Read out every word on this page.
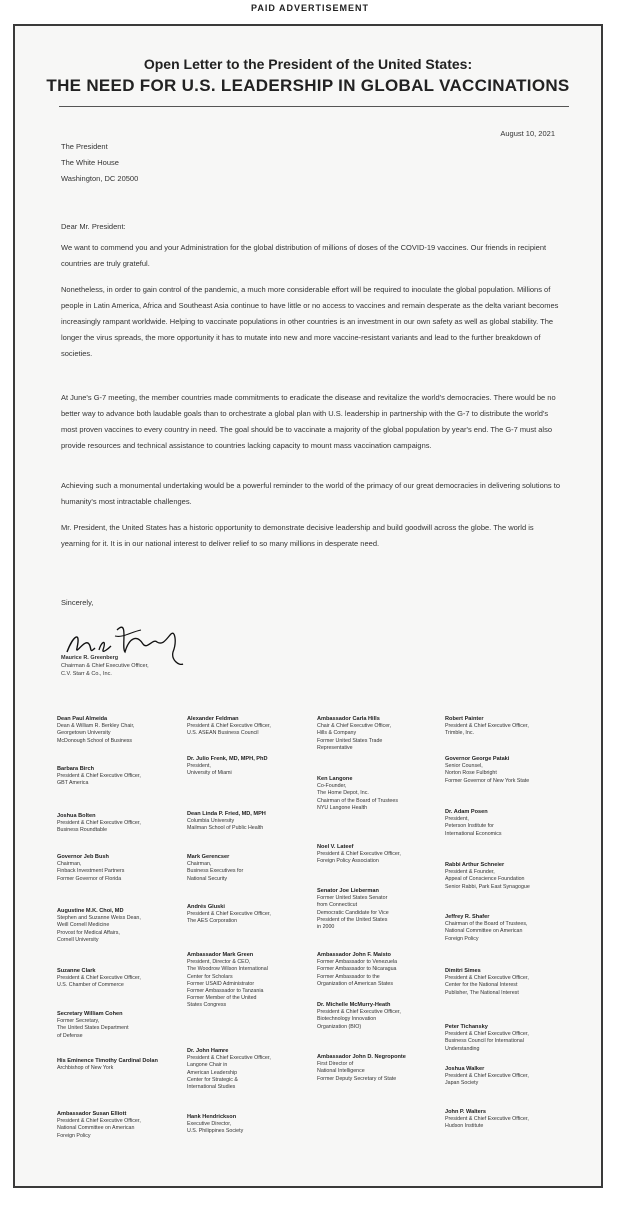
PAID ADVERTISEMENT
Open Letter to the President of the United States:
THE NEED FOR U.S. LEADERSHIP IN GLOBAL VACCINATIONS
August 10, 2021
The President
The White House
Washington, DC 20500
Dear Mr. President:

We want to commend you and your Administration for the global distribution of millions of doses of the COVID-19 vaccines. Our friends in recipient countries are truly grateful.

Nonetheless, in order to gain control of the pandemic, a much more considerable effort will be required to inoculate the global population. Millions of people in Latin America, Africa and Southeast Asia continue to have little or no access to vaccines and remain desperate as the delta variant becomes increasingly rampant worldwide. Helping to vaccinate populations in other countries is an investment in our own safety as well as global stability. The longer the virus spreads, the more opportunity it has to mutate into new and more vaccine-resistant variants and lead to the further breakdown of societies.

At June's G-7 meeting, the member countries made commitments to eradicate the disease and revitalize the world's democracies. There would be no better way to advance both laudable goals than to orchestrate a global plan with U.S. leadership in partnership with the G-7 to distribute the world's most proven vaccines to every country in need. The goal should be to vaccinate a majority of the global population by year's end. The G-7 must also provide resources and technical assistance to countries lacking capacity to mount mass vaccination campaigns.

Achieving such a monumental undertaking would be a powerful reminder to the world of the primacy of our great democracies in delivering solutions to humanity's most intractable challenges.

Mr. President, the United States has a historic opportunity to demonstrate decisive leadership and build goodwill across the globe. The world is yearning for it. It is in our national interest to deliver relief to so many millions in desperate need.

Sincerely,
Maurice R. Greenberg
Chairman & Chief Executive Officer,
C.V. Starr & Co., Inc.
Dean Paul Almeida
Dean & William R. Berkley Chair,
Georgetown University
McDonough School of Business
Barbara Birch
President & Chief Executive Officer,
GBT America
Joshua Bolten
President & Chief Executive Officer,
Business Roundtable
Governor Jeb Bush
Chairman,
Finback Investment Partners
Former Governor of Florida
Augustine M.K. Choi, MD
Stephen and Suzanne Weiss Dean,
Weill Cornell Medicine
Provost for Medical Affairs,
Cornell University
Suzanne Clark
President & Chief Executive Officer,
U.S. Chamber of Commerce
Secretary William Cohen
Former Secretary,
The United States Department
of Defense
His Eminence Timothy Cardinal Dolan
Archbishop of New York
Ambassador Susan Elliott
President & Chief Executive Officer,
National Committee on American
Foreign Policy
Alexander Feldman
President & Chief Executive Officer,
U.S. ASEAN Business Council
Dr. Julio Frenk, MD, MPH, PhD
President,
University of Miami
Dean Linda P. Fried, MD, MPH
Columbia University
Mailman School of Public Health
Mark Gerencser
Chairman,
Business Executives for
National Security
Andrés Gluski
President & Chief Executive Officer,
The AES Corporation
Ambassador Mark Green
President, Director & CEO,
The Woodrow Wilson International
Center for Scholars
Former USAID Administrator
Former Ambassador to Tanzania
Former Member of the United
States Congress
Dr. John Hamre
President & Chief Executive Officer,
Langone Chair in
American Leadership
Center for Strategic &
International Studies
Hank Hendrickson
Executive Director,
U.S. Philippines Society
Ambassador Carla Hills
Chair & Chief Executive Officer,
Hills & Company
Former United States Trade
Representative
Ken Langone
Co-Founder,
The Home Depot, Inc.
Chairman of the Board of Trustees
NYU Langone Health
Noel V. Lateef
President & Chief Executive Officer,
Foreign Policy Association
Senator Joe Lieberman
Former United States Senator
from Connecticut
Democratic Candidate for Vice
President of the United States
in 2000
Ambassador John F. Maisto
Former Ambassador to Venezuela
Former Ambassador to Nicaragua
Former Ambassador to the
Organization of American States
Dr. Michelle McMurry-Heath
President & Chief Executive Officer,
Biotechnology Innovation
Organization (BIO)
Ambassador John D. Negroponte
First Director of
National Intelligence
Former Deputy Secretary of State
Robert Painter
President & Chief Executive Officer,
Trimble, Inc.
Governor George Pataki
Senior Counsel,
Norton Rose Fulbright
Former Governor of New York State
Dr. Adam Posen
President,
Peterson Institute for
International Economics
Rabbi Arthur Schneier
President & Founder,
Appeal of Conscience Foundation
Senior Rabbi, Park East Synagogue
Jeffrey R. Shafer
Chairman of the Board of Trustees,
National Committee on American
Foreign Policy
Dimitri Simes
President & Chief Executive Officer,
Center for the National Interest
Publisher, The National Interest
Peter Tichansky
President & Chief Executive Officer,
Business Council for International
Understanding
Joshua Walker
President & Chief Executive Officer,
Japan Society
John P. Walters
President & Chief Executive Officer,
Hudson Institute
